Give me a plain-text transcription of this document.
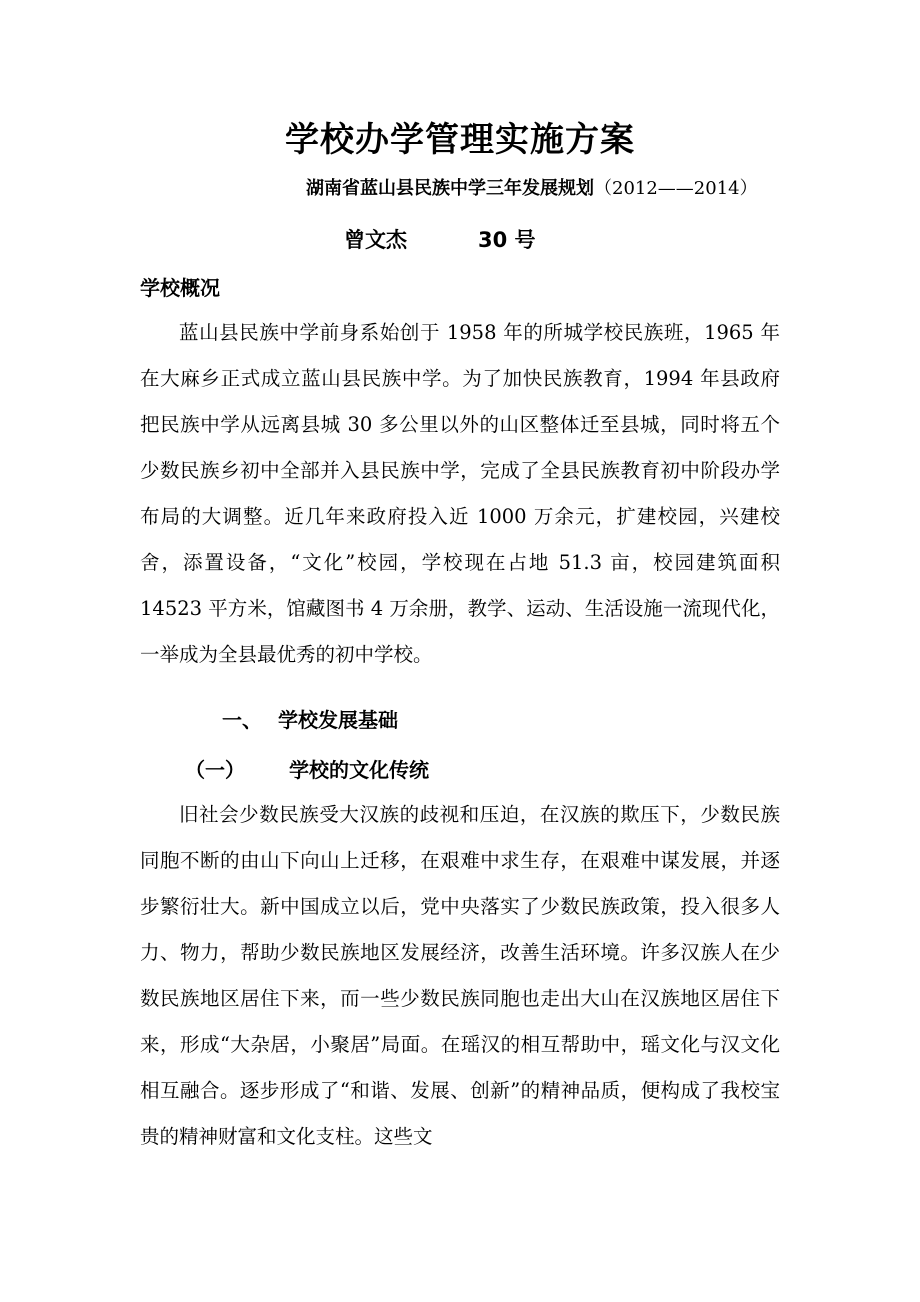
学校办学管理实施方案
湖南省蓝山县民族中学三年发展规划（2012——2014）
曾文杰	30 号
学校概况

蓝山县民族中学前身系始创于 1958 年的所城学校民族班，1965 年在大麻乡正式成立蓝山县民族中学。为了加快民族教育，1994 年县政府把民族中学从远离县城 30 多公里以外的山区整体迁至县城，同时将五个少数民族乡初中全部并入县民族中学，完成了全县民族教育初中阶段办学布局的大调整。近几年来政府投入近 1000 万余元，扩建校园，兴建校舍，添置设备，“文化”校园，学校现在占地 51.3 亩，校园建筑面积 14523 平方米，馆藏图书 4 万余册，教学、运动、生活设施一流现代化，一举成为全县最优秀的初中学校。

一、 学校发展基础
（一） 学校的文化传统

旧社会少数民族受大汉族的歧视和压迫，在汉族的欺压下，少数民族同胞不断的由山下向山上迁移，在艰难中求生存，在艰难中谋发展，并逐步繁衍壮大。新中国成立以后，党中央落实了少数民族政策，投入很多人力、物力，帮助少数民族地区发展经济，改善生活环境。许多汉族人在少数民族地区居住下来，而一些少数民族同胞也走出大山在汉族地区居住下来，形成“大杂居，小聚居”局面。在瑶汉的相互帮助中，瑶文化与汉文化相互融合。逐步形成了“和谐、发展、创新”的精神品质，便构成了我校宝贵的精神财富和文化支柱。这些文
